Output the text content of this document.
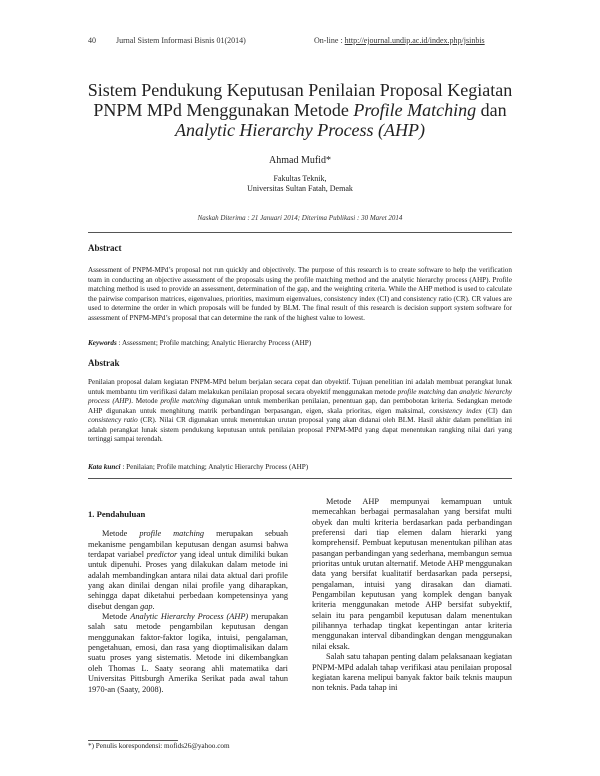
40	Jurnal Sistem Informasi Bisnis 01(2014)	On-line : http://ejournal.undip.ac.id/index.php/jsinbis
Sistem Pendukung Keputusan Penilaian Proposal Kegiatan
PNPM MPd Menggunakan Metode Profile Matching dan
Analytic Hierarchy Process (AHP)
Ahmad Mufid*
Fakultas Teknik,
Universitas Sultan Fatah, Demak
Naskah Diterima : 21 Januari 2014; Diterima Publikasi : 30 Maret 2014
Abstract
Assessment of PNPM-MPd’s proposal not run quickly and objectively. The purpose of this research is to create software to help the verification team in conducting an objective assessment of the proposals using the profile matching method and the analytic hierarchy process (AHP). Profile matching method is used to provide an assessment, determination of the gap, and the weighting criteria. While the AHP method is used to calculate the pairwise comparison matrices, eigenvalues, priorities, maximum eigenvalues, consistency index (CI) and consistency ratio (CR). CR values are used to determine the order in which proposals will be funded by BLM. The final result of this research is decision support system software for assessment of PNPM-MPd’s proposal that can determine the rank of the highest value to lowest.
Keywords : Assessment; Profile matching; Analytic Hierarchy Process (AHP)
Abstrak
Penilaian proposal dalam kegiatan PNPM-MPd belum berjalan secara cepat dan obyektif. Tujuan penelitian ini adalah membuat perangkat lunak untuk membantu tim verifikasi dalam melakukan penilaian proposal secara obyektif menggunakan metode profile matching dan analytic hierarchy process (AHP). Metode profile matching digunakan untuk memberikan penilaian, penentuan gap, dan pembobotan kriteria. Sedangkan metode AHP digunakan untuk menghitung matrik perbandingan berpasangan, eigen, skala prioritas, eigen maksimal, consistency index (CI) dan consistency ratio (CR). Nilai CR digunakan untuk menentukan urutan proposal yang akan didanai oleh BLM. Hasil akhir dalam penelitian ini adalah perangkat lunak sistem pendukung keputusan untuk penilaian proposal PNPM-MPd yang dapat menentukan rangking nilai dari yang tertinggi sampai terendah.
Kata kunci : Penilaian; Profile matching; Analytic Hierarchy Process (AHP)
1. Pendahuluan

Metode profile matching merupakan sebuah mekanisme pengambilan keputusan dengan asumsi bahwa terdapat variabel predictor yang ideal untuk dimiliki bukan untuk dipenuhi. Proses yang dilakukan dalam metode ini adalah membandingkan antara nilai data aktual dari profile yang akan dinilai dengan nilai profile yang diharapkan, sehingga dapat diketahui perbedaan kompetensinya yang disebut dengan gap.

Metode Analytic Hierarchy Process (AHP) merupakan salah satu metode pengambilan keputusan dengan menggunakan faktor-faktor logika, intuisi, pengalaman, pengetahuan, emosi, dan rasa yang dioptimalisikan dalam suatu proses yang sistematis. Metode ini dikembangkan oleh Thomas L. Saaty seorang ahli matematika dari Universitas Pittsburgh Amerika Serikat pada awal tahun 1970-an (Saaty, 2008).

Metode AHP mempunyai kemampuan untuk memecahkan berbagai permasalahan yang bersifat multi obyek dan multi kriteria berdasarkan pada perbandingan preferensi dari tiap elemen dalam hierarki yang komprehensif. Pembuat keputusan menentukan pilihan atas pasangan perbandingan yang sederhana, membangun semua prioritas untuk urutan alternatif. Metode AHP menggunakan data yang bersifat kualitatif berdasarkan pada persepsi, pengalaman, intuisi yang dirasakan dan diamati. Pengambilan keputusan yang komplek dengan banyak kriteria menggunakan metode AHP bersifat subyektif, selain itu para pengambil keputusan dalam menentukan pilihannya terhadap tingkat kepentingan antar kriteria menggunakan interval dibandingkan dengan menggunakan nilai eksak.

Salah satu tahapan penting dalam pelaksanaan kegiatan PNPM-MPd adalah tahap verifikasi atau penilaian proposal kegiatan karena melipui banyak faktor baik teknis maupun non teknis. Pada tahap ini

*) Penulis korespondensi: mofids26@yahoo.com
